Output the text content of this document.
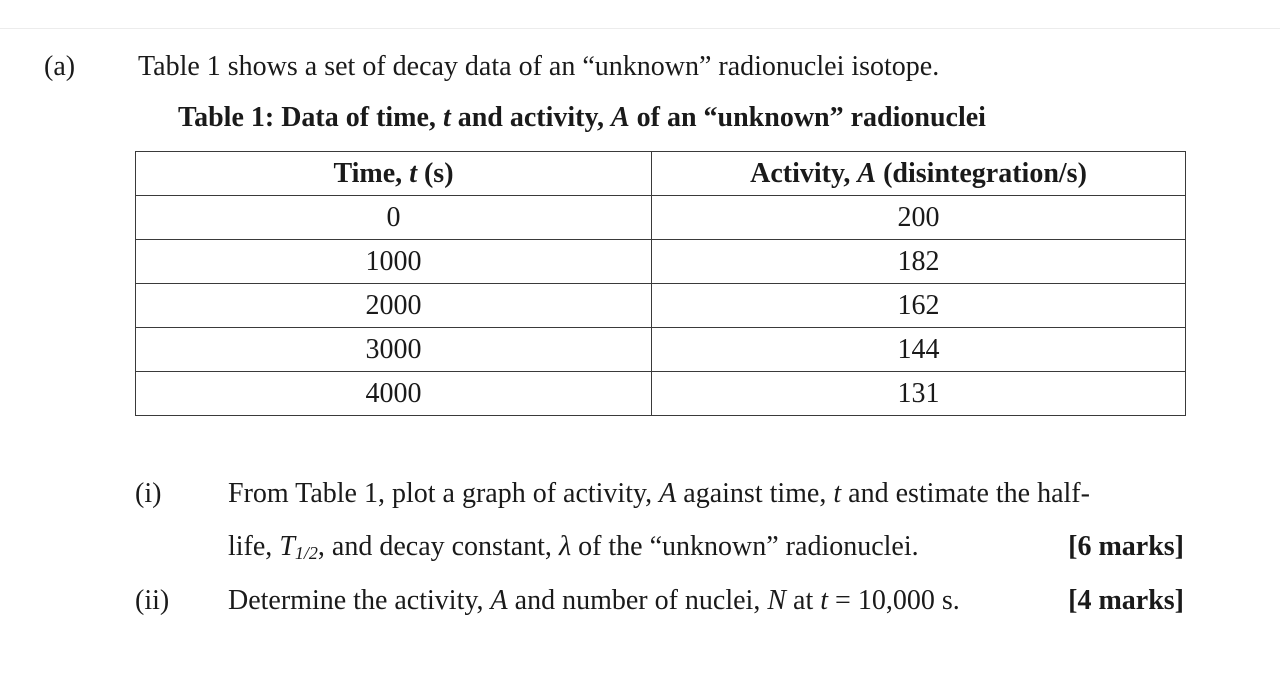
(a) Table 1 shows a set of decay data of an “unknown” radionuclei isotope.
Table 1: Data of time, t and activity, A of an “unknown” radionuclei
Time, t (s)	Activity, A (disintegration/s)
0	200
1000	182
2000	162
3000	144
4000	131
(i) From Table 1, plot a graph of activity, A against time, t and estimate the half-
life, $T_{1/2}$, and decay constant, λ of the “unknown” radionuclei.	[6 marks]
(ii) Determine the activity, A and number of nuclei, N at t = 10,000 s.	[4 marks]
